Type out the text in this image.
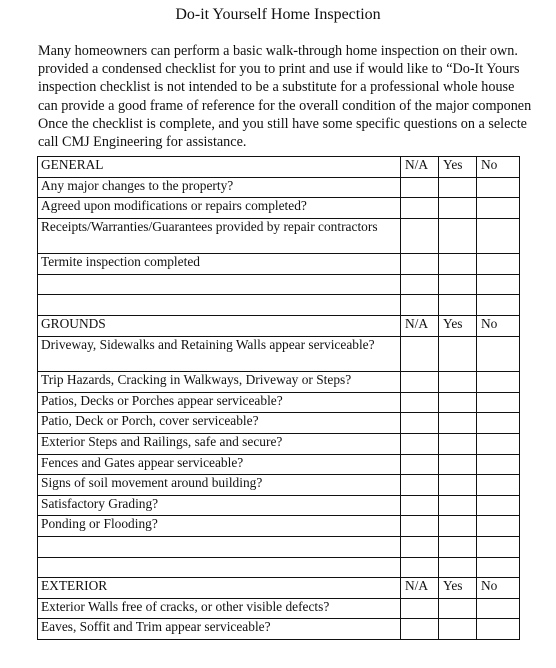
Do-it Yourself Home Inspection
Many homeowners can perform a basic walk-through home inspection on their own.
provided a condensed checklist for you to print and use if would like to “Do-It Yours
inspection checklist is not intended to be a substitute for a professional whole house
can provide a good frame of reference for the overall condition of the major componen
Once the checklist is complete, and you still have some specific questions on a selecte
call CMJ Engineering for assistance.
GENERAL	N/A	Yes	No
Any major changes to the property?			
Agreed upon modifications or repairs completed?			
Receipts/Warranties/Guarantees provided by repair contractors			
Termite inspection completed			

GROUNDS	N/A	Yes	No
Driveway, Sidewalks and Retaining Walls appear serviceable?			
Trip Hazards, Cracking in Walkways, Driveway or Steps?			
Patios, Decks or Porches appear serviceable?			
Patio, Deck or Porch, cover serviceable?			
Exterior Steps and Railings, safe and secure?			
Fences and Gates appear serviceable?			
Signs of soil movement around building?			
Satisfactory Grading?			
Ponding or Flooding?			

EXTERIOR	N/A	Yes	No
Exterior Walls free of cracks, or other visible defects?			
Eaves, Soffit and Trim appear serviceable?			
